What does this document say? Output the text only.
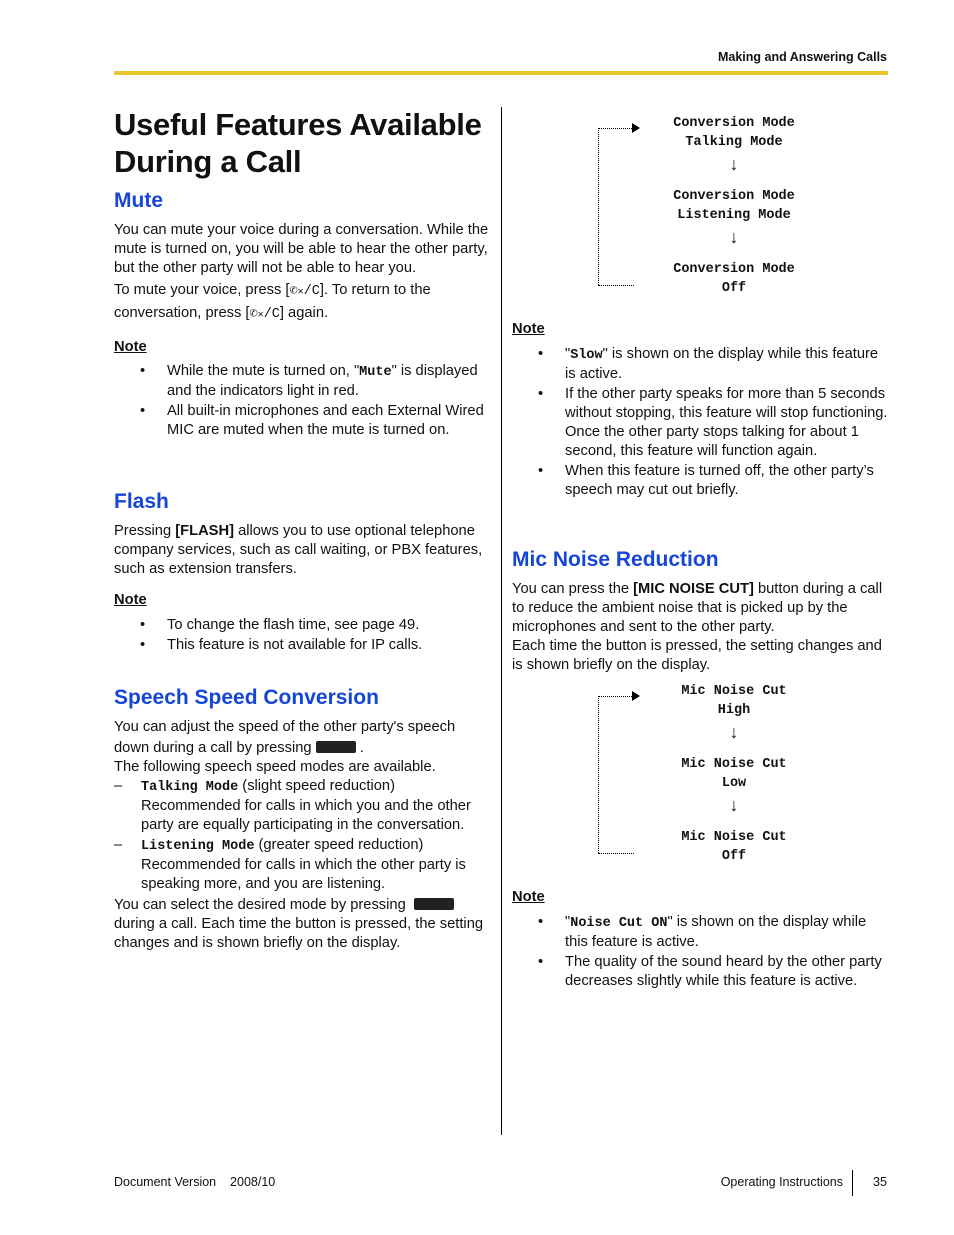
Making and Answering Calls
Useful Features Available
During a Call
Mute

You can mute your voice during a conversation. While the mute is turned on, you will be able to hear the other party, but the other party will not be able to hear you.

To mute your voice, press [✆✕/C]. To return to the

conversation, press [✆✕/C] again.

Note

• While the mute is turned on, "Mute" is displayed and the indicators light in red.
• All built-in microphones and each External Wired MIC are muted when the mute is turned on.
Flash

Pressing [FLASH] allows you to use optional telephone company services, such as call waiting, or PBX features, such as extension transfers.

Note

• To change the flash time, see page 49.
• This feature is not available for IP calls.
Speech Speed Conversion

You can adjust the speed of the other party's speech

down during a call by pressing	.

The following speech speed modes are available.

– Talking Mode (slight speed reduction)
Recommended for calls in which you and the other party are equally participating in the conversation.
– Listening Mode (greater speed reduction)
Recommended for calls in which the other party is speaking more, and you are listening.

You can select the desired mode by pressing

during a call. Each time the button is pressed, the setting changes and is shown briefly on the display.

Conversion Mode
Talking Mode
↓
Conversion Mode
Listening Mode
↓
Conversion Mode
Off

Note

• "Slow" is shown on the display while this feature is active.
• If the other party speaks for more than 5 seconds without stopping, this feature will stop functioning. Once the other party stops talking for about 1 second, this feature will function again.
• When this feature is turned off, the other party’s speech may cut out briefly.
Mic Noise Reduction

You can press the [MIC NOISE CUT] button during a call to reduce the ambient noise that is picked up by the microphones and sent to the other party.

Each time the button is pressed, the setting changes and is shown briefly on the display.

Mic Noise Cut
High
↓
Mic Noise Cut
Low
↓
Mic Noise Cut
Off

Note

• "Noise Cut ON" is shown on the display while this feature is active.
• The quality of the sound heard by the other party decreases slightly while this feature is active.
Document Version 2008/10	Operating Instructions 35
